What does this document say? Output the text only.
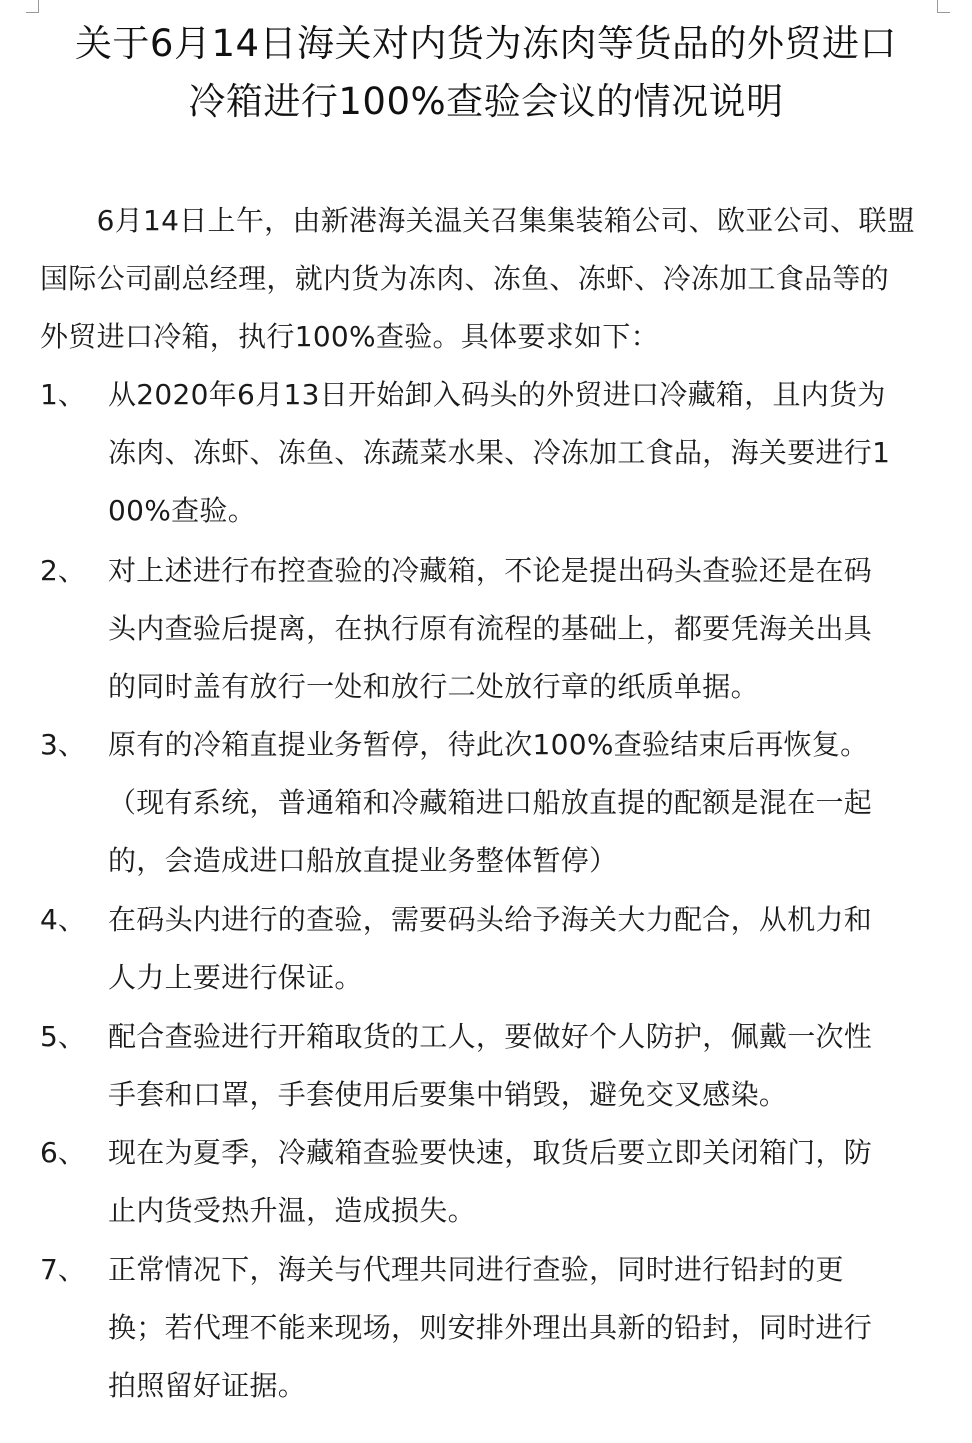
关于6月14日海关对内货为冻肉等货品的外贸进口
冷箱进行100%查验会议的情况说明
　　6月14日上午，由新港海关温关召集集装箱公司、欧亚公司、联盟
国际公司副总经理，就内货为冻肉、冻鱼、冻虾、冷冻加工食品等的
外贸进口冷箱，执行100%查验。具体要求如下：
1、 从2020年6月13日开始卸入码头的外贸进口冷藏箱，且内货为
冻肉、冻虾、冻鱼、冻蔬菜水果、冷冻加工食品，海关要进行1
00%查验。
2、 对上述进行布控查验的冷藏箱，不论是提出码头查验还是在码
头内查验后提离，在执行原有流程的基础上，都要凭海关出具
的同时盖有放行一处和放行二处放行章的纸质单据。
3、 原有的冷箱直提业务暂停，待此次100%查验结束后再恢复。
（现有系统，普通箱和冷藏箱进口船放直提的配额是混在一起
的，会造成进口船放直提业务整体暂停）
4、 在码头内进行的查验，需要码头给予海关大力配合，从机力和
人力上要进行保证。
5、 配合查验进行开箱取货的工人，要做好个人防护，佩戴一次性
手套和口罩，手套使用后要集中销毁，避免交叉感染。
6、 现在为夏季，冷藏箱查验要快速，取货后要立即关闭箱门，防
止内货受热升温，造成损失。
7、 正常情况下，海关与代理共同进行查验，同时进行铅封的更
换；若代理不能来现场，则安排外理出具新的铅封，同时进行
拍照留好证据。
